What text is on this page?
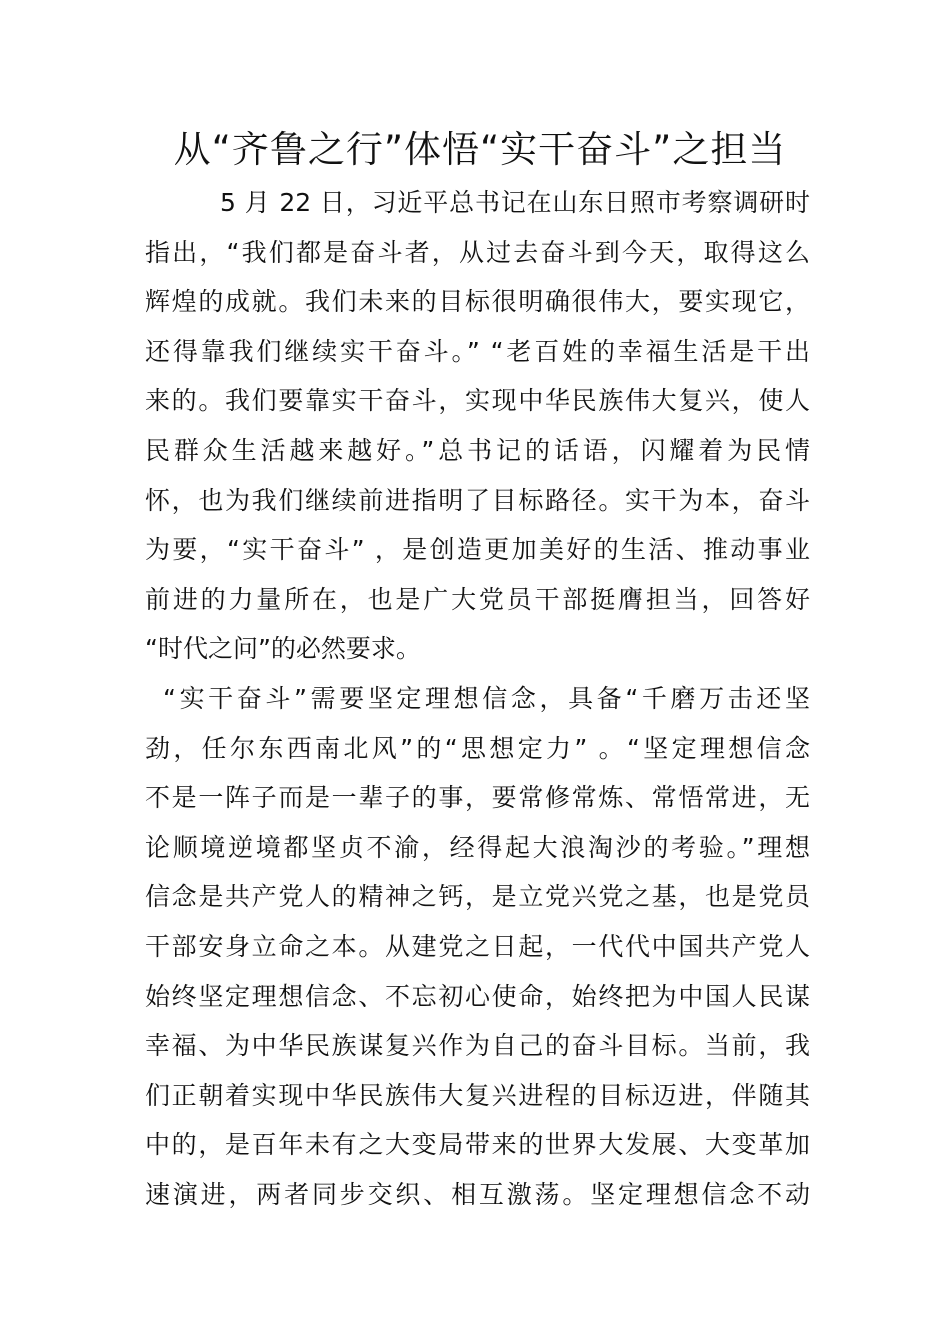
从“齐鲁之行”体悟“实干奋斗”之担当
5 月 22 日，习近平总书记在山东日照市考察调研时
指出，“我们都是奋斗者，从过去奋斗到今天，取得这么
辉煌的成就。我们未来的目标很明确很伟大，要实现它，
还得靠我们继续实干奋斗。” “老百姓的幸福生活是干出
来的。我们要靠实干奋斗，实现中华民族伟大复兴，使人
民群众生活越来越好。”总书记的话语，闪耀着为民情
怀，也为我们继续前进指明了目标路径。实干为本，奋斗
为要，“实干奋斗” ，是创造更加美好的生活、推动事业
前进的力量所在，也是广大党员干部挺膺担当，回答好
“时代之问”的必然要求。
“实干奋斗”需要坚定理想信念，具备“千磨万击还坚
劲，任尔东西南北风”的“思想定力” 。“坚定理想信念
不是一阵子而是一辈子的事，要常修常炼、常悟常进，无
论顺境逆境都坚贞不渝，经得起大浪淘沙的考验。”理想
信念是共产党人的精神之钙，是立党兴党之基，也是党员
干部安身立命之本。从建党之日起，一代代中国共产党人
始终坚定理想信念、不忘初心使命，始终把为中国人民谋
幸福、为中华民族谋复兴作为自己的奋斗目标。当前，我
们正朝着实现中华民族伟大复兴进程的目标迈进，伴随其
中的，是百年未有之大变局带来的世界大发展、大变革加
速演进，两者同步交织、相互激荡。坚定理想信念不动
